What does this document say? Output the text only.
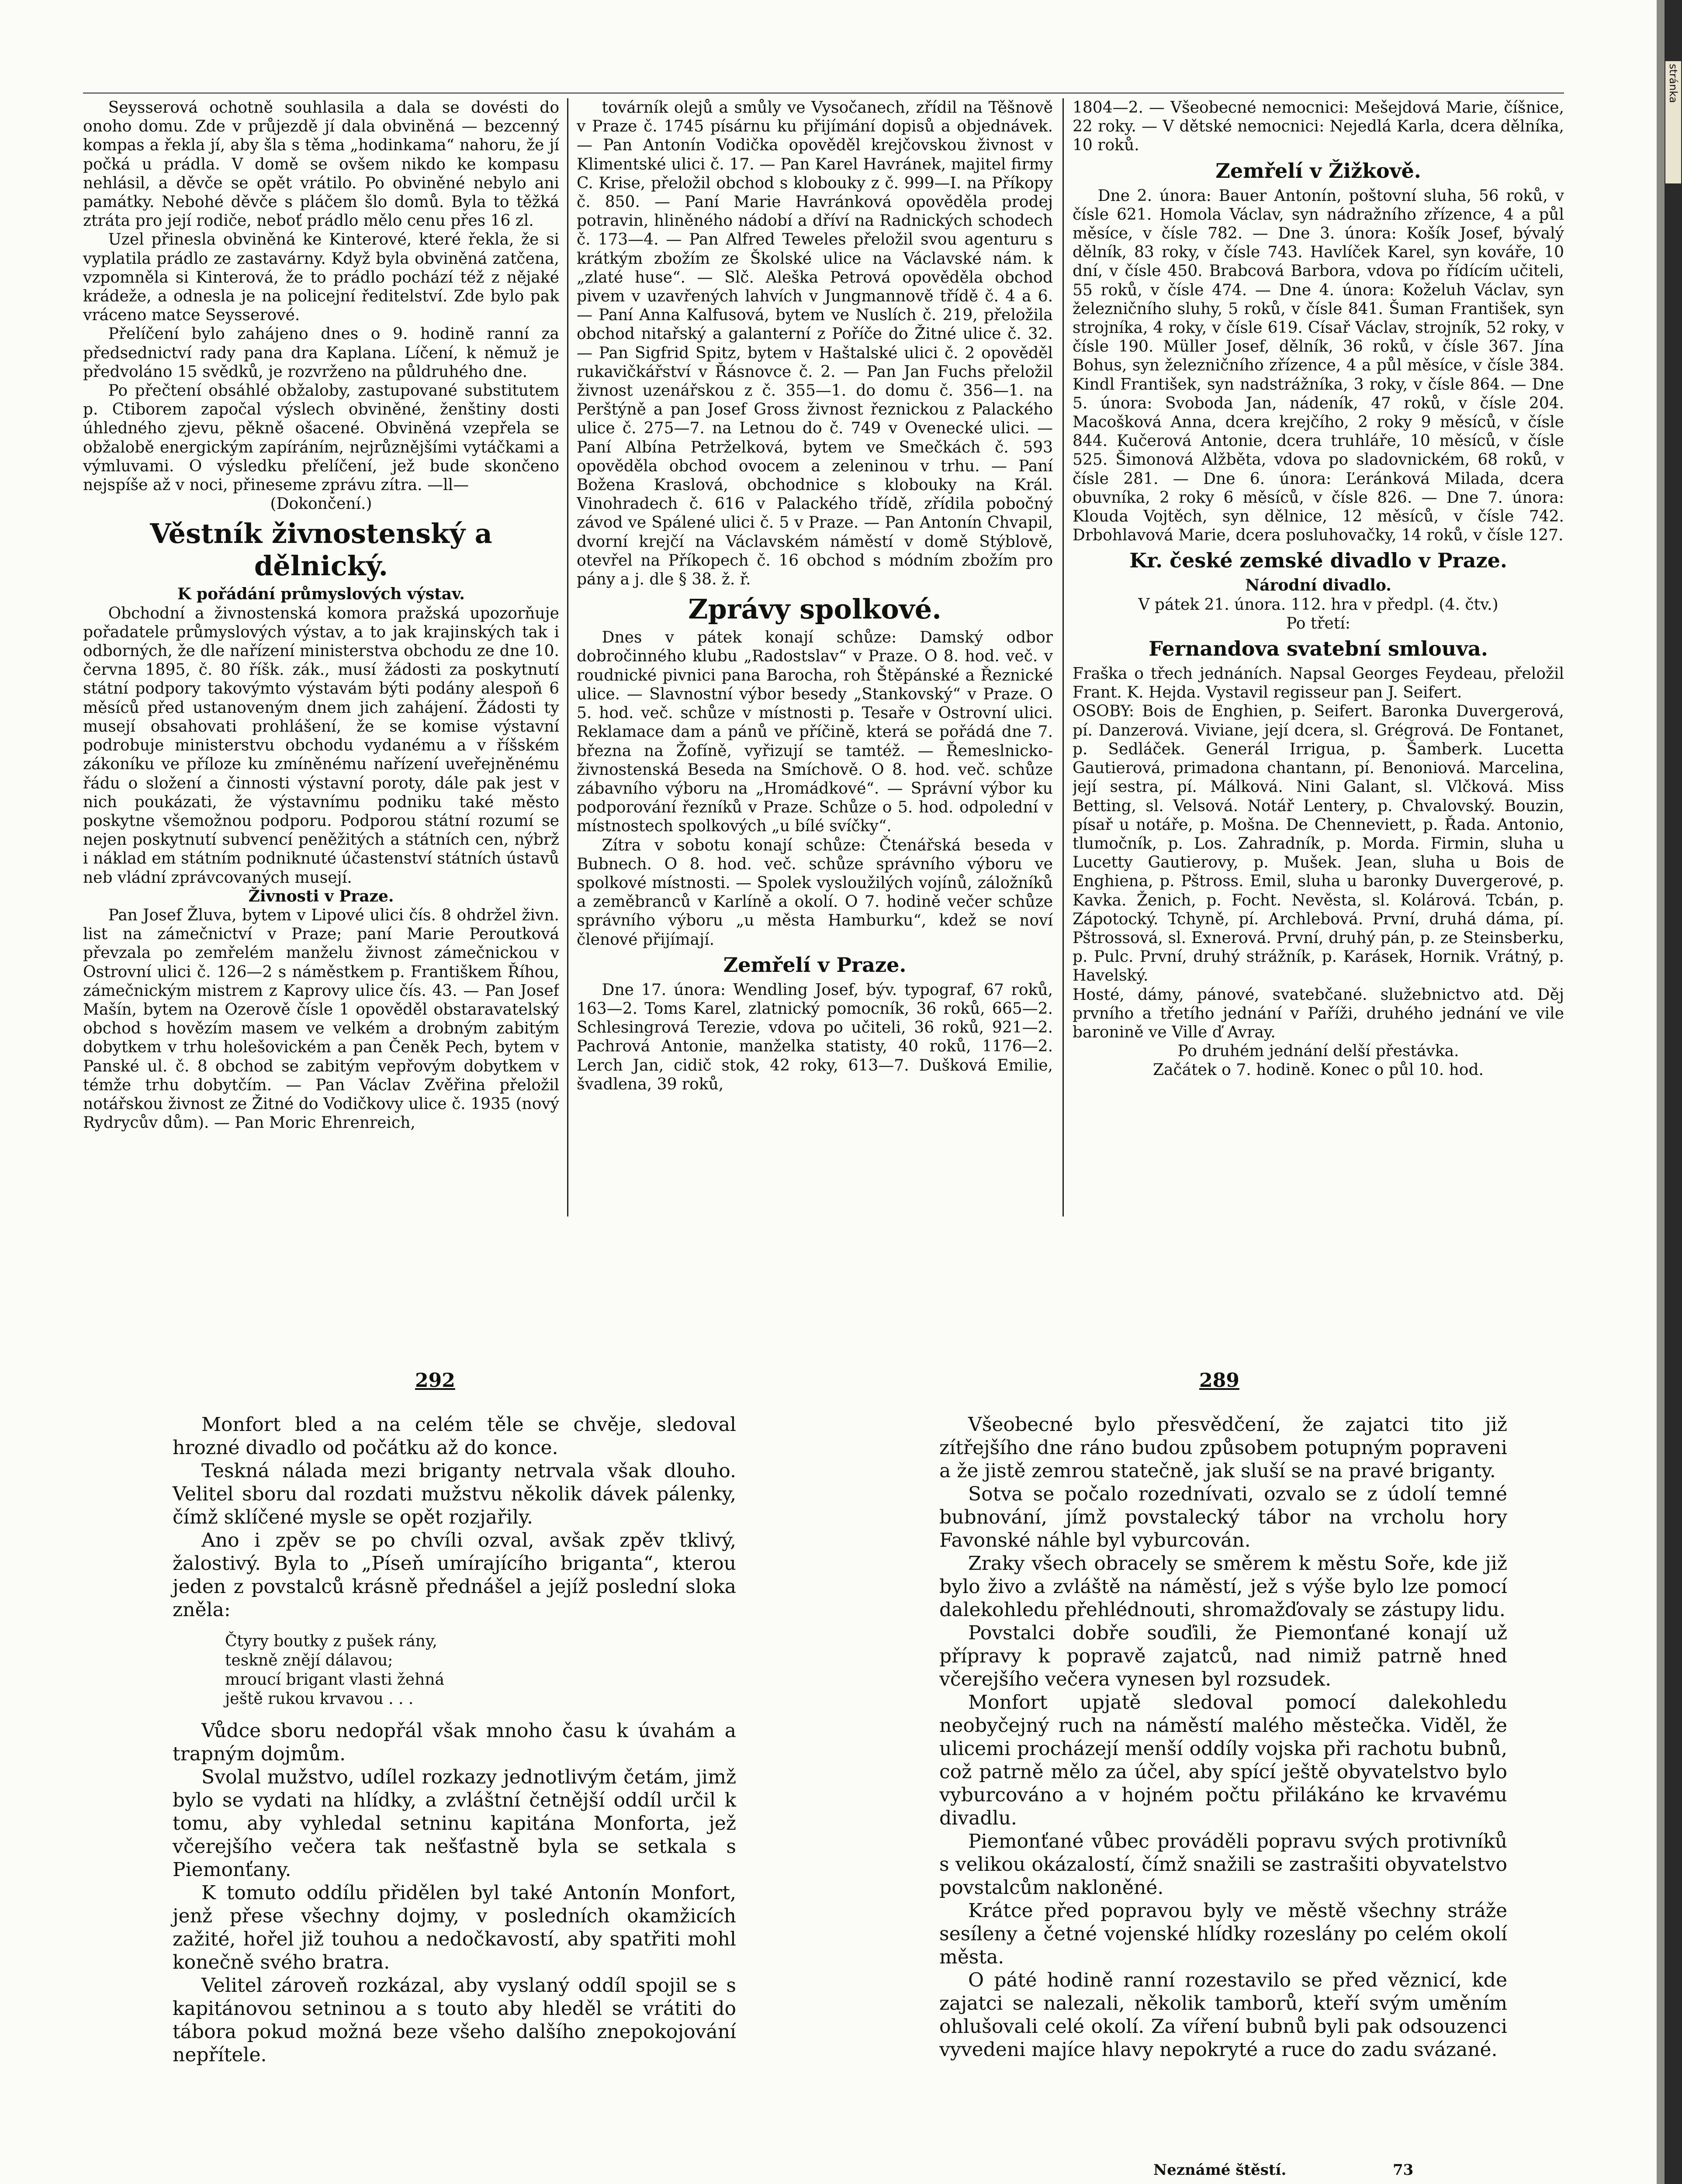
stránka

Seysserová ochotně souhlasila a dala se dovésti do onoho domu. Zde v průjezdě jí dala obviněná — bezcenný kompas a řekla jí, aby šla s těma „hodinkama“ nahoru, že jí počká u prádla. V domě se ovšem nikdo ke kompasu nehlásil, a děvče se opět vrátilo. Po obviněné nebylo ani památky. Nebohé děvče s pláčem šlo domů. Byla to těžká ztráta pro její rodiče, neboť prádlo mělo cenu přes 16 zl.

Uzel přinesla obviněná ke Kinterové, které řekla, že si vyplatila prádlo ze zastavárny. Když byla obviněná zatčena, vzpomněla si Kinterová, že to prádlo pochází též z nějaké krádeže, a odnesla je na policejní ředitelství. Zde bylo pak vráceno matce Seysserové.

Přelíčení bylo zahájeno dnes o 9. hodině ranní za předsednictví rady pana dra Kaplana. Líčení, k němuž je předvoláno 15 svědků, je rozvrženo na půldruhého dne.

Po přečtení obsáhlé obžaloby, zastupované substitutem p. Ctiborem započal výslech obviněné, ženštiny dosti úhledného zjevu, pěkně ošacené. Obviněná vzepřela se obžalobě energickým zapíráním, nejrůznějšími vytáčkami a výmluvami. O výsledku přelíčení, jež bude skončeno nejspíše až v noci, přineseme zprávu zítra. —ll—

(Dokončení.)

Věstník živnostenský a dělnický.

K pořádání průmyslových výstav.

Obchodní a živnostenská komora pražská upozorňuje pořadatele průmyslových výstav, a to jak krajinských tak i odborných, že dle nařízení ministerstva obchodu ze dne 10. června 1895, č. 80 říšk. zák., musí žádosti za poskytnutí státní podpory takovýmto výstavám býti podány alespoň 6 měsíců před ustanoveným dnem jich zahájení. Žádosti ty musejí obsahovati prohlášení, že se komise výstavní podrobuje ministerstvu obchodu vydanému a v říšském zákoníku ve příloze ku zmíněnému nařízení uveřejněnému řádu o složení a činnosti výstavní poroty, dále pak jest v nich poukázati, že výstavnímu podniku také město poskytne všemožnou podporu. Podporou státní rozumí se nejen poskytnutí subvencí peněžitých a státních cen, nýbrž i náklad em státním podniknuté účastenství státních ústavů neb vládní zprávcovaných musejí.

Živnosti v Praze.

Pan Josef Žluva, bytem v Lipové ulici čís. 8 ohdržel živn. list na zámečnictví v Praze; paní Marie Peroutková převzala po zemřelém manželu živnost zámečnickou v Ostrovní ulici č. 126—2 s náměstkem p. Františkem Říhou, zámečnickým mistrem z Kaprovy ulice čís. 43. — Pan Josef Mašín, bytem na Ozerově čísle 1 opověděl obstaravatelský obchod s hovězím masem ve velkém a drobným zabitým dobytkem v trhu holešovickém a pan Čeněk Pech, bytem v Panské ul. č. 8 obchod se zabitým vepřovým dobytkem v témže trhu dobytčím. — Pan Václav Zvěřina přeložil notářskou živnost ze Žitné do Vodičkovy ulice č. 1935 (nový Rydrycův dům). — Pan Moric Ehrenreich,

továrník olejů a smůly ve Vysočanech, zřídil na Těšnově v Praze č. 1745 písárnu ku přijímání dopisů a objednávek. — Pan Antonín Vodička opověděl krejčovskou živnost v Klimentské ulici č. 17. — Pan Karel Havránek, majitel firmy C. Krise, přeložil obchod s klobouky z č. 999—I. na Příkopy č. 850. — Paní Marie Havránková opověděla prodej potravin, hliněného nádobí a dříví na Radnických schodech č. 173—4. — Pan Alfred Teweles přeložil svou agenturu s krátkým zbožím ze Školské ulice na Václavské nám. k „zlaté huse“. — Slč. Aleška Petrová opověděla obchod pivem v uzavřených lahvích v Jungmannově třídě č. 4 a 6. — Paní Anna Kalfusová, bytem ve Nuslích č. 219, přeložila obchod nitařský a galanterní z Poříče do Žitné ulice č. 32. — Pan Sigfrid Spitz, bytem v Haštalské ulici č. 2 opověděl rukavičkářství v Řásnovce č. 2. — Pan Jan Fuchs přeložil živnost uzenářskou z č. 355—1. do domu č. 356—1. na Perštýně a pan Josef Gross živnost řeznickou z Palackého ulice č. 275—7. na Letnou do č. 749 v Ovenecké ulici. — Paní Albína Petrželková, bytem ve Smečkách č. 593 opověděla obchod ovocem a zeleninou v trhu. — Paní Božena Kraslová, obchodnice s klobouky na Král. Vinohradech č. 616 v Palackého třídě, zřídila pobočný závod ve Spálené ulici č. 5 v Praze. — Pan Antonín Chvapil, dvorní krejčí na Václavském náměstí v domě Stýblově, otevřel na Příkopech č. 16 obchod s módním zbožím pro pány a j. dle § 38. ž. ř.

Zprávy spolkové.

Dnes v pátek konají schůze: Damský odbor dobročinného klubu „Radostslav“ v Praze. O 8. hod. več. v roudnické pivnici pana Barocha, roh Štěpánské a Řeznické ulice. — Slavnostní výbor besedy „Stankovský“ v Praze. O 5. hod. več. schůze v místnosti p. Tesaře v Ostrovní ulici. Reklamace dam a pánů ve příčině, která se pořádá dne 7. března na Žofíně, vyřizují se tamtéž. — Řemeslnicko-živnostenská Beseda na Smíchově. O 8. hod. več. schůze zábavního výboru na „Hromádkové“. — Správní výbor ku podporování řezníků v Praze. Schůze o 5. hod. odpolední v místnostech spolkových „u bílé svíčky“.

Zítra v sobotu konají schůze: Čtenářská beseda v Bubnech. O 8. hod. več. schůze správního výboru ve spolkové místnosti. — Spolek vysloužilých vojínů, záložníků a zeměbranců v Karlíně a okolí. O 7. hodině večer schůze správního výboru „u města Hamburku“, kdež se noví členové přijímají.

Zemřelí v Praze.

Dne 17. února: Wendling Josef, býv. typograf, 67 roků, 163—2. Toms Karel, zlatnický pomocník, 36 roků, 665—2. Schlesingrová Terezie, vdova po učiteli, 36 roků, 921—2. Pachrová Antonie, manželka statisty, 40 roků, 1176—2. Lerch Jan, cidič stok, 42 roky, 613—7. Dušková Emilie, švadlena, 39 roků,

1804—2. — Všeobecné nemocnici: Mešejdová Marie, číšnice, 22 roky. — V dětské nemocnici: Nejedlá Karla, dcera dělníka, 10 roků.

Zemřelí v Žižkově.

Dne 2. února: Bauer Antonín, poštovní sluha, 56 roků, v čísle 621. Homola Václav, syn nádražního zřízence, 4 a půl měsíce, v čísle 782. — Dne 3. února: Košík Josef, bývalý dělník, 83 roky, v čísle 743. Havlíček Karel, syn kováře, 10 dní, v čísle 450. Brabcová Barbora, vdova po řídícím učiteli, 55 roků, v čísle 474. — Dne 4. února: Koželuh Václav, syn železničního sluhy, 5 roků, v čísle 841. Šuman František, syn strojníka, 4 roky, v čísle 619. Císař Václav, strojník, 52 roky, v čísle 190. Müller Josef, dělník, 36 roků, v čísle 367. Jína Bohus, syn železničního zřízence, 4 a půl měsíce, v čísle 384. Kindl František, syn nadstrážníka, 3 roky, v čísle 864. — Dne 5. února: Svoboda Jan, nádeník, 47 roků, v čísle 204. Macošková Anna, dcera krejčího, 2 roky 9 měsíců, v čísle 844. Kučerová Antonie, dcera truhláře, 10 měsíců, v čísle 525. Šimonová Alžběta, vdova po sladovnickém, 68 roků, v čísle 281. — Dne 6. února: Ľeránková Milada, dcera obuvníka, 2 roky 6 měsíců, v čísle 826. — Dne 7. února: Klouda Vojtěch, syn dělnice, 12 měsíců, v čísle 742. Drbohlavová Marie, dcera posluhovačky, 14 roků, v čísle 127.

Kr. české zemské divadlo v Praze.

Národní divadlo.

V pátek 21. února. 112. hra v předpl. (4. čtv.)

Po třetí:

Fernandova svatební smlouva.

Fraška o třech jednáních. Napsal Georges Feydeau, přeložil Frant. K. Hejda. Vystavil regisseur pan J. Seifert.

OSOBY: Bois de Enghien, p. Seifert. Baronka Duvergerová, pí. Danzerová. Viviane, její dcera, sl. Grégrová. De Fontanet, p. Sedláček. Generál Irrigua, p. Šamberk. Lucetta Gautierová, primadona chantann, pí. Benoniová. Marcelina, její sestra, pí. Málková. Nini Galant, sl. Vlčková. Miss Betting, sl. Velsová. Notář Lentery, p. Chvalovský. Bouzin, písař u notáře, p. Mošna. De Chenneviett, p. Řada. Antonio, tlumočník, p. Los. Zahradník, p. Morda. Firmin, sluha u Lucetty Gautierovy, p. Mušek. Jean, sluha u Bois de Enghiena, p. Pštross. Emil, sluha u baronky Duvergerové, p. Kavka. Ženich, p. Focht. Nevěsta, sl. Kolárová. Tcbán, p. Zápotocký. Tchyně, pí. Archlebová. První, druhá dáma, pí. Pštrossová, sl. Exnerová. První, druhý pán, p. ze Steinsberku, p. Pulc. První, druhý strážník, p. Karásek, Hornik. Vrátný, p. Havelský.

Hosté, dámy, pánové, svatebčané. služebnictvo atd. Děj prvního a třetího jednání v Paříži, druhého jednání ve vile baronině ve Ville ď Avray.

Po druhém jednání delší přestávka.

Začátek o 7. hodině. Konec o půl 10. hod.

292	289

Monfort bled a na celém těle se chvěje, sledoval hrozné divadlo od počátku až do konce.

Teskná nálada mezi briganty netrvala však dlouho. Velitel sboru dal rozdati mužstvu několik dávek pálenky, čímž sklíčené mysle se opět rozjařily.

Ano i zpěv se po chvíli ozval, avšak zpěv tklivý, žalostivý. Byla to „Píseň umírajícího briganta“, kterou jeden z povstalců krásně přednášel a jejíž poslední sloka zněla:

Čtyry boutky z pušek rány,
teskně znějí dálavou;
mroucí brigant vlasti žehná
ještě rukou krvavou . . .

Vůdce sboru nedopřál však mnoho času k úvahám a trapným dojmům.

Svolal mužstvo, udílel rozkazy jednotlivým četám, jimž bylo se vydati na hlídky, a zvláštní četnější oddíl určil k tomu, aby vyhledal setninu kapitána Monforta, jež včerejšího večera tak nešťastně byla se setkala s Piemonťany.

K tomuto oddílu přidělen byl také Antonín Monfort, jenž přese všechny dojmy, v posledních okamžicích zažité, hořel již touhou a nedočkavostí, aby spatřiti mohl konečně svého bratra.

Velitel zároveň rozkázal, aby vyslaný oddíl spojil se s kapitánovou setninou a s touto aby hleděl se vrátiti do tábora pokud možná beze všeho dalšího znepokojování nepřítele.

Všeobecné bylo přesvědčení, že zajatci tito již zítřejšího dne ráno budou způsobem potupným popraveni a že jistě zemrou statečně, jak sluší se na pravé briganty.

Sotva se počalo rozednívati, ozvalo se z údolí temné bubnování, jímž povstalecký tábor na vrcholu hory Favonské náhle byl vyburcován.

Zraky všech obracely se směrem k městu Soře, kde již bylo živo a zvláště na náměstí, jež s výše bylo lze pomocí dalekohledu přehlédnouti, shromažďovaly se zástupy lidu.

Povstalci dobře souďili, že Piemonťané konají už přípravy k popravě zajatců, nad nimiž patrně hned včerejšího večera vynesen byl rozsudek.

Monfort upjatě sledoval pomocí dalekohledu neobyčejný ruch na náměstí malého městečka. Viděl, že ulicemi procházejí menší oddíly vojska při rachotu bubnů, což patrně mělo za účel, aby spící ještě obyvatelstvo bylo vyburcováno a v hojném počtu přilákáno ke krvavému divadlu.

Piemonťané vůbec prováděli popravu svých protivníků s velikou okázalostí, čímž snažili se zastrašiti obyvatelstvo povstalcům nakloněné.

Krátce před popravou byly ve městě všechny stráže sesíleny a četné vojenské hlídky rozeslány po celém okolí města.

O páté hodině ranní rozestavilo se před věznicí, kde zajatci se nalezali, několik tamborů, kteří svým uměním ohlušovali celé okolí. Za víření bubnů byli pak odsouzenci vyvedeni majíce hlavy nepokryté a ruce do zadu svázané.

Neznámé štěstí.	73
